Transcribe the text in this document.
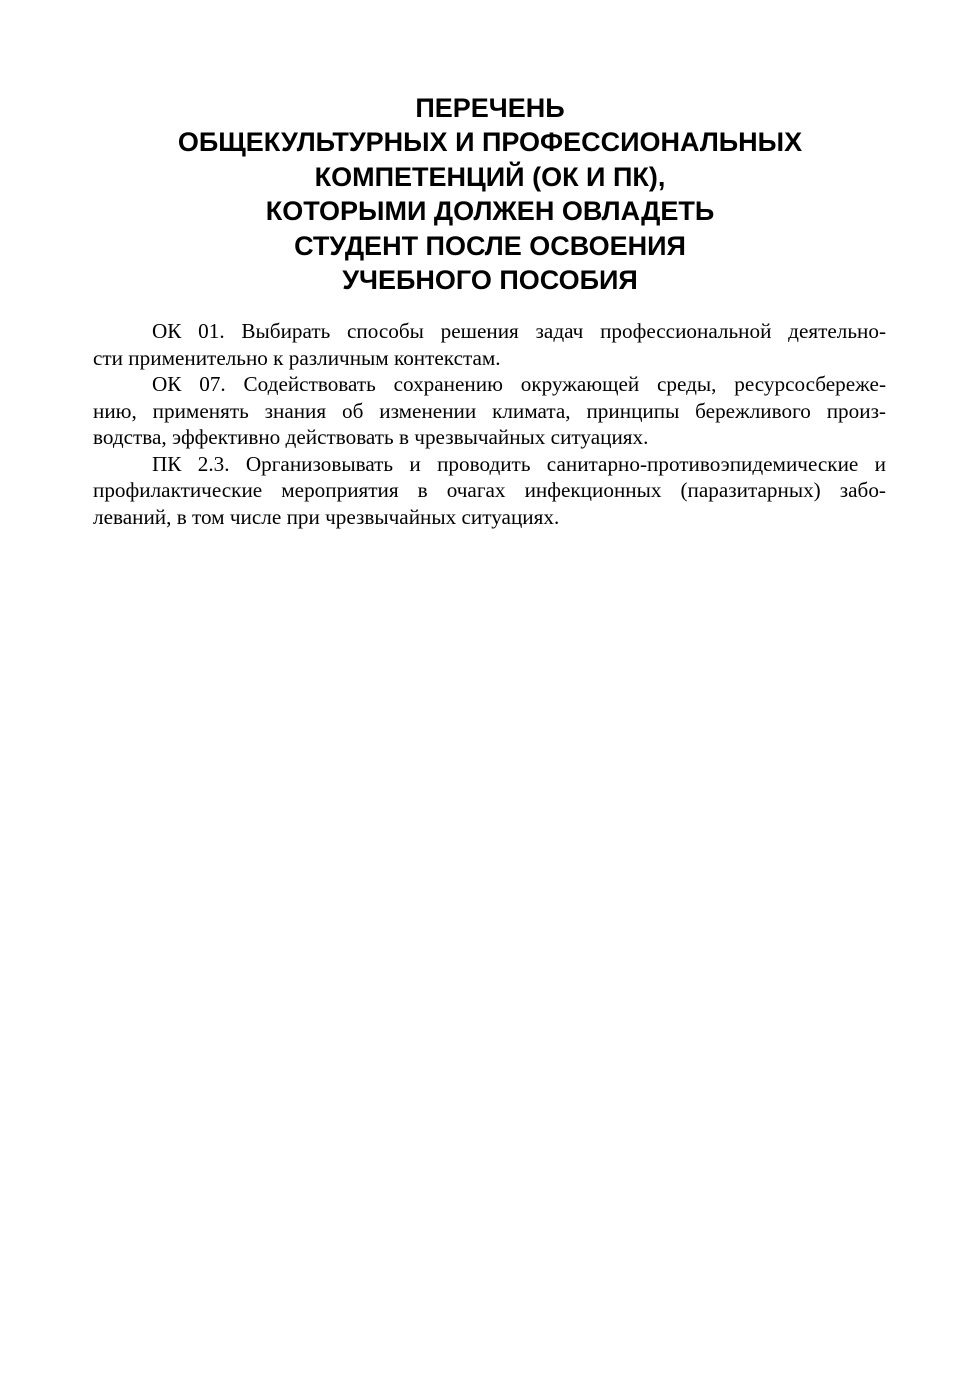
ПЕРЕЧЕНЬ
ОБЩЕКУЛЬТУРНЫХ И ПРОФЕССИОНАЛЬНЫХ
КОМПЕТЕНЦИЙ (ОК И ПК),
КОТОРЫМИ ДОЛЖЕН ОВЛАДЕТЬ
СТУДЕНТ ПОСЛЕ ОСВОЕНИЯ
УЧЕБНОГО ПОСОБИЯ
ОК 01. Выбирать способы решения задач профессиональной деятельно-
сти применительно к различным контекстам.
ОК 07. Содействовать сохранению окружающей среды, ресурсосбереже-
нию, применять знания об изменении климата, принципы бережливого произ-
водства, эффективно действовать в чрезвычайных ситуациях.
ПК 2.3. Организовывать и проводить санитарно-противоэпидемические и
профилактические мероприятия в очагах инфекционных (паразитарных) забо-
леваний, в том числе при чрезвычайных ситуациях.
